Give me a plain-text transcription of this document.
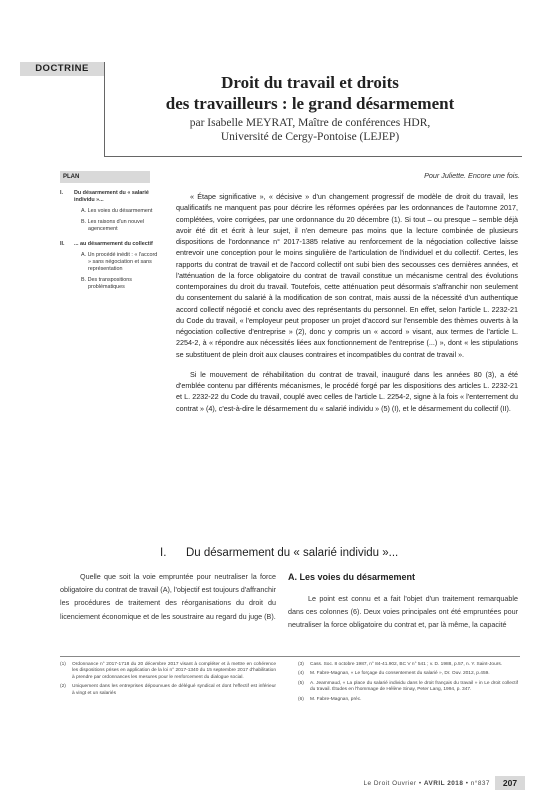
DOCTRINE
Droit du travail et droits
des travailleurs : le grand désarmement
par Isabelle MEYRAT, Maître de conférences HDR,
Université de Cergy-Pontoise (LEJEP)
PLAN
I. Du désarmement du « salarié individu »...
A. Les voies du désarmement
B. Les raisons d'un nouvel agencement
II. ... au désarmement du collectif
A. Un procédé inédit : « l'accord » sans négociation et sans représentation
B. Des transpositions problématiques
Pour Juliette. Encore une fois.

« Étape significative », « décisive » d'un changement progressif de modèle de droit du travail, les qualificatifs ne manquent pas pour décrire les réformes opérées par les ordonnances de l'automne 2017, complétées, voire corrigées, par une ordonnance du 20 décembre (1). Si tout – ou presque – semble déjà avoir été dit et écrit à leur sujet, il n'en demeure pas moins que la lecture combinée de plusieurs dispositions de l'ordonnance n° 2017-1385 relative au renforcement de la négociation collective laisse entrevoir une conception pour le moins singulière de l'articulation de l'individuel et du collectif. Certes, les rapports du contrat de travail et de l'accord collectif ont subi bien des secousses ces dernières années, et l'atténuation de la force obligatoire du contrat de travail constitue un mécanisme central des évolutions contemporaines du droit du travail. Toutefois, cette atténuation peut désormais s'affranchir non seulement du consentement du salarié à la modification de son contrat, mais aussi de la nécessité d'un authentique accord collectif négocié et conclu avec des représentants du personnel. En effet, selon l'article L. 2232-21 du Code du travail, « l'employeur peut proposer un projet d'accord sur l'ensemble des thèmes ouverts à la négociation collective d'entreprise » (2), donc y compris un « accord » visant, aux termes de l'article L. 2254-2, à « répondre aux nécessités liées aux fonctionnement de l'entreprise (...) », dont « les stipulations se substituent de plein droit aux clauses contraires et incompatibles du contrat de travail ».

Si le mouvement de réhabilitation du contrat de travail, inauguré dans les années 80 (3), a été d'emblée contenu par différents mécanismes, le procédé forgé par les dispositions des articles L. 2232-21 et L. 2232-22 du Code du travail, couplé avec celles de l'article L. 2254-2, signe à la fois « l'enterrement du contrat » (4), c'est-à-dire le désarmement du « salarié individu » (5) (I), et le désarmement du collectif (II).

I. Du désarmement du « salarié individu »...

Quelle que soit la voie empruntée pour neutraliser la force obligatoire du contrat de travail (A), l'objectif est toujours d'affranchir les procédures de traitement des réorganisations du droit du licenciement économique et de les soustraire au regard du juge (B).

A. Les voies du désarmement

Le point est connu et a fait l'objet d'un traitement remarquable dans ces colonnes (6). Deux voies principales ont été empruntées pour neutraliser la force obligatoire du contrat et, par là même, la capacité

(1) Ordonnance n° 2017-1718 du 20 décembre 2017 visant à compléter et à mettre en cohérence les dispositions prises en application de la loi n° 2017-1340 du 15 septembre 2017 d'habilitation à prendre par ordonnances les mesures pour le renforcement du dialogue social.
(2) Uniquement dans les entreprises dépourvues de délégué syndical et dont l'effectif est inférieur à vingt et un salariés
(3) Cass. Soc. 8 octobre 1987, n° 84-41.902, BC V n° 541 ; v. D. 1988, p.57, n. Y. Saint-Jours.
(4) M. Fabre-Magnan, « Le forçage du consentement du salarié », Dr. Ouv. 2012, p.459.
(5) A. Jeammaud, « La place du salarié individu dans le droit français du travail » in Le droit collectif du travail. Études en l'hommage de Hélène Sinay, Peter Lang, 1994, p. 347.
(6) M. Fabre-Magnan, préc.
Le Droit Ouvrier • AVRIL 2018 • n°837	207
